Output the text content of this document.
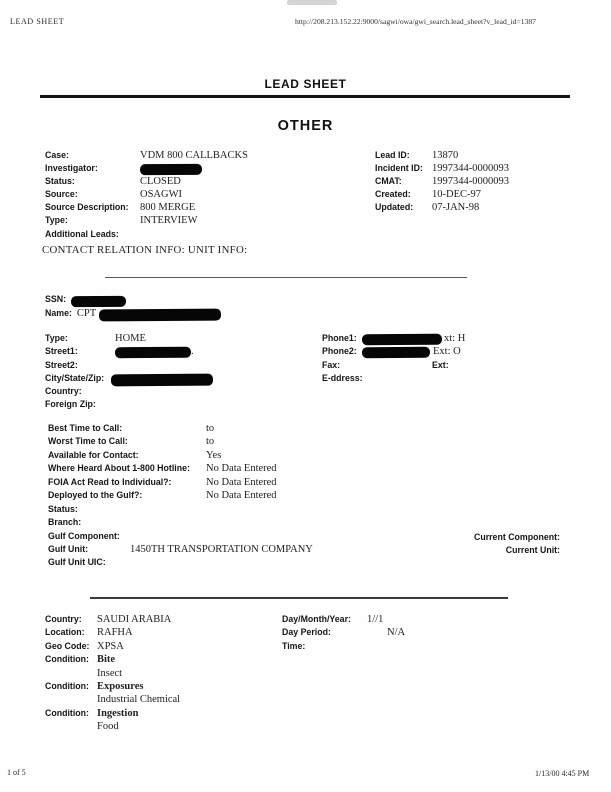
LEAD SHEET	http://208.213.152.22:9000/sagwi/owa/gwi_search.lead_sheet?v_lead_id=1387
LEAD SHEET
OTHER
Case:	VDM 800 CALLBACKS
Investigator:
Status:	CLOSED
Source:	OSAGWI
Source Description:	800 MERGE
Type:	INTERVIEW
Additional Leads:
CONTACT RELATION INFO: UNIT INFO:
Lead ID:	13870
Incident ID: 1997344-0000093
CMAT:	1997344-0000093
Created:	10-DEC-97
Updated:	07-JAN-98
SSN:
Name: CPT
Type:	HOME
Street1:	.
Street2:
City/State/Zip:
Country:
Foreign Zip:
Phone1:	xt: H
Phone2:	Ext: O
Fax:	Ext:
E-ddress:
Best Time to Call:	to
Worst Time to Call:	to
Available for Contact:	Yes
Where Heard About 1-800 Hotline:	No Data Entered
FOIA Act Read to Individual?:	No Data Entered
Deployed to the Gulf?:	No Data Entered
Status:
Branch:
Gulf Component:	Current Component:
Gulf Unit:	1450TH TRANSPORTATION COMPANY	Current Unit:
Gulf Unit UIC:
Country:	SAUDI ARABIA
Location:	RAFHA
Geo Code: XPSA
Condition: Bite
Insect
Condition: Exposures
Industrial Chemical
Condition: Ingestion
Food
Day/Month/Year:	1//1
Day Period:	N/A
Time:
1 of 5	1/13/00 4:45 PM
